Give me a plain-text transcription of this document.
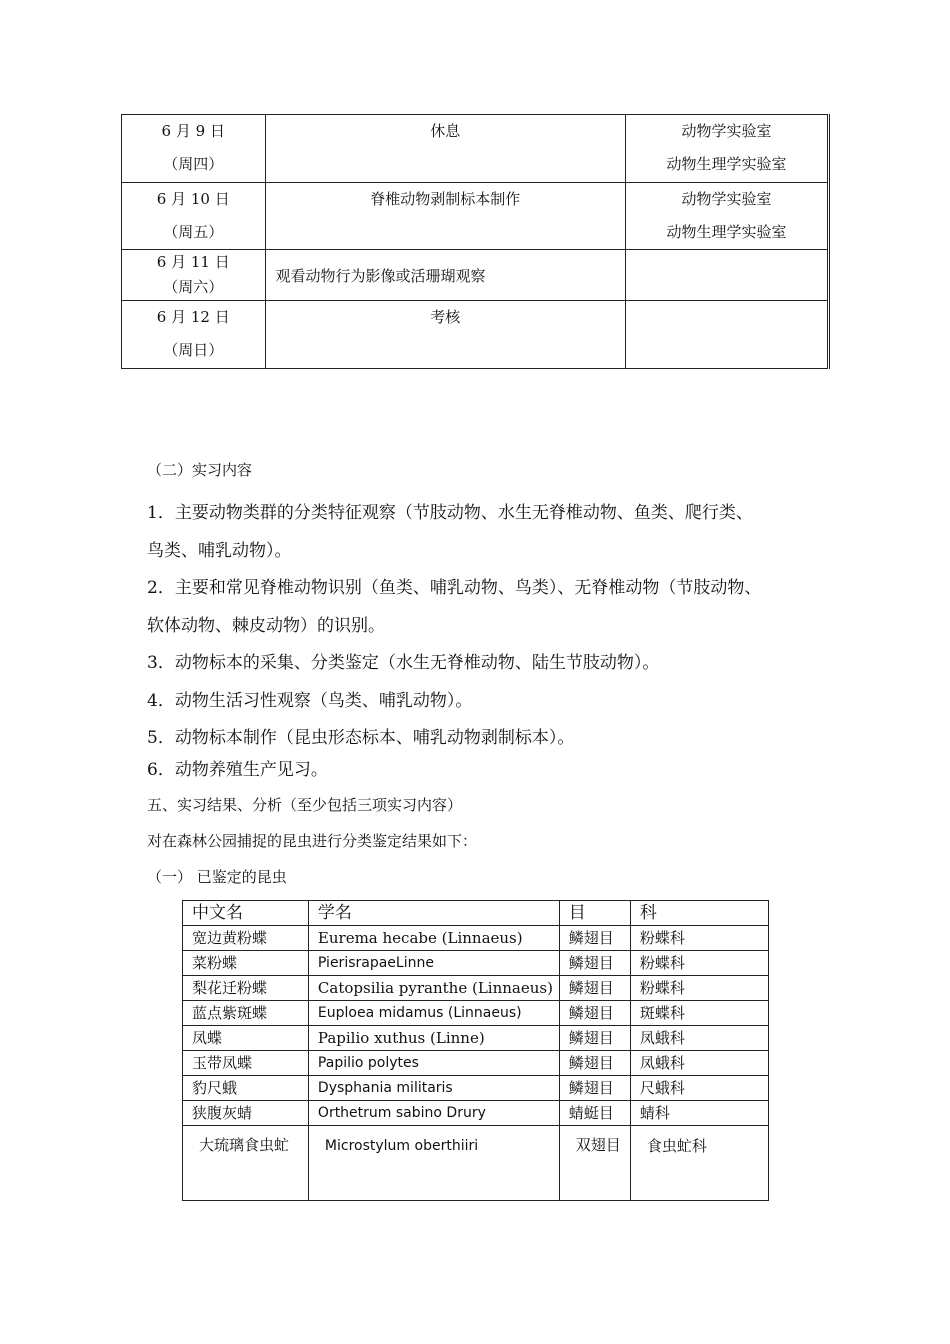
6 月 9 日
（周四）	休息	动物学实验室
动物生理学实验室

6 月 10 日
（周五）	脊椎动物剥制标本制作	动物学实验室
动物生理学实验室

6 月 11 日
（周六）	观看动物行为影像或活珊瑚观察	

6 月 12 日
（周日）	考核	

（二）实习内容
1．主要动物类群的分类特征观察（节肢动物、水生无脊椎动物、鱼类、爬行类、
鸟类、哺乳动物）。
2．主要和常见脊椎动物识别（鱼类、哺乳动物、鸟类）、无脊椎动物（节肢动物、
软体动物、棘皮动物）的识别。
3．动物标本的采集、分类鉴定（水生无脊椎动物、陆生节肢动物）。
4．动物生活习性观察（鸟类、哺乳动物）。
5．动物标本制作（昆虫形态标本、哺乳动物剥制标本）。
6．动物养殖生产见习。
五、实习结果、分析（至少包括三项实习内容）
对在森林公园捕捉的昆虫进行分类鉴定结果如下：
（一） 已鉴定的昆虫
中文名	学名	目	科
宽边黄粉蝶	Eurema hecabe (Linnaeus)	鳞翅目	粉蝶科
菜粉蝶	PierisrapaeLinne	鳞翅目	粉蝶科
梨花迁粉蝶	Catopsilia pyranthe (Linnaeus)	鳞翅目	粉蝶科
蓝点紫斑蝶	Euploea midamus (Linnaeus)	鳞翅目	斑蝶科
凤蝶	Papilio xuthus (Linne)	鳞翅目	凤蛾科
玉带凤蝶	Papilio polytes	鳞翅目	凤蛾科
豹尺蛾	Dysphania militaris	鳞翅目	尺蛾科
狭腹灰蜻	Orthetrum sabino Drury	蜻蜓目	蜻科
大琉璃食虫虻	Microstylum oberthiiri	双翅目	食虫虻科
